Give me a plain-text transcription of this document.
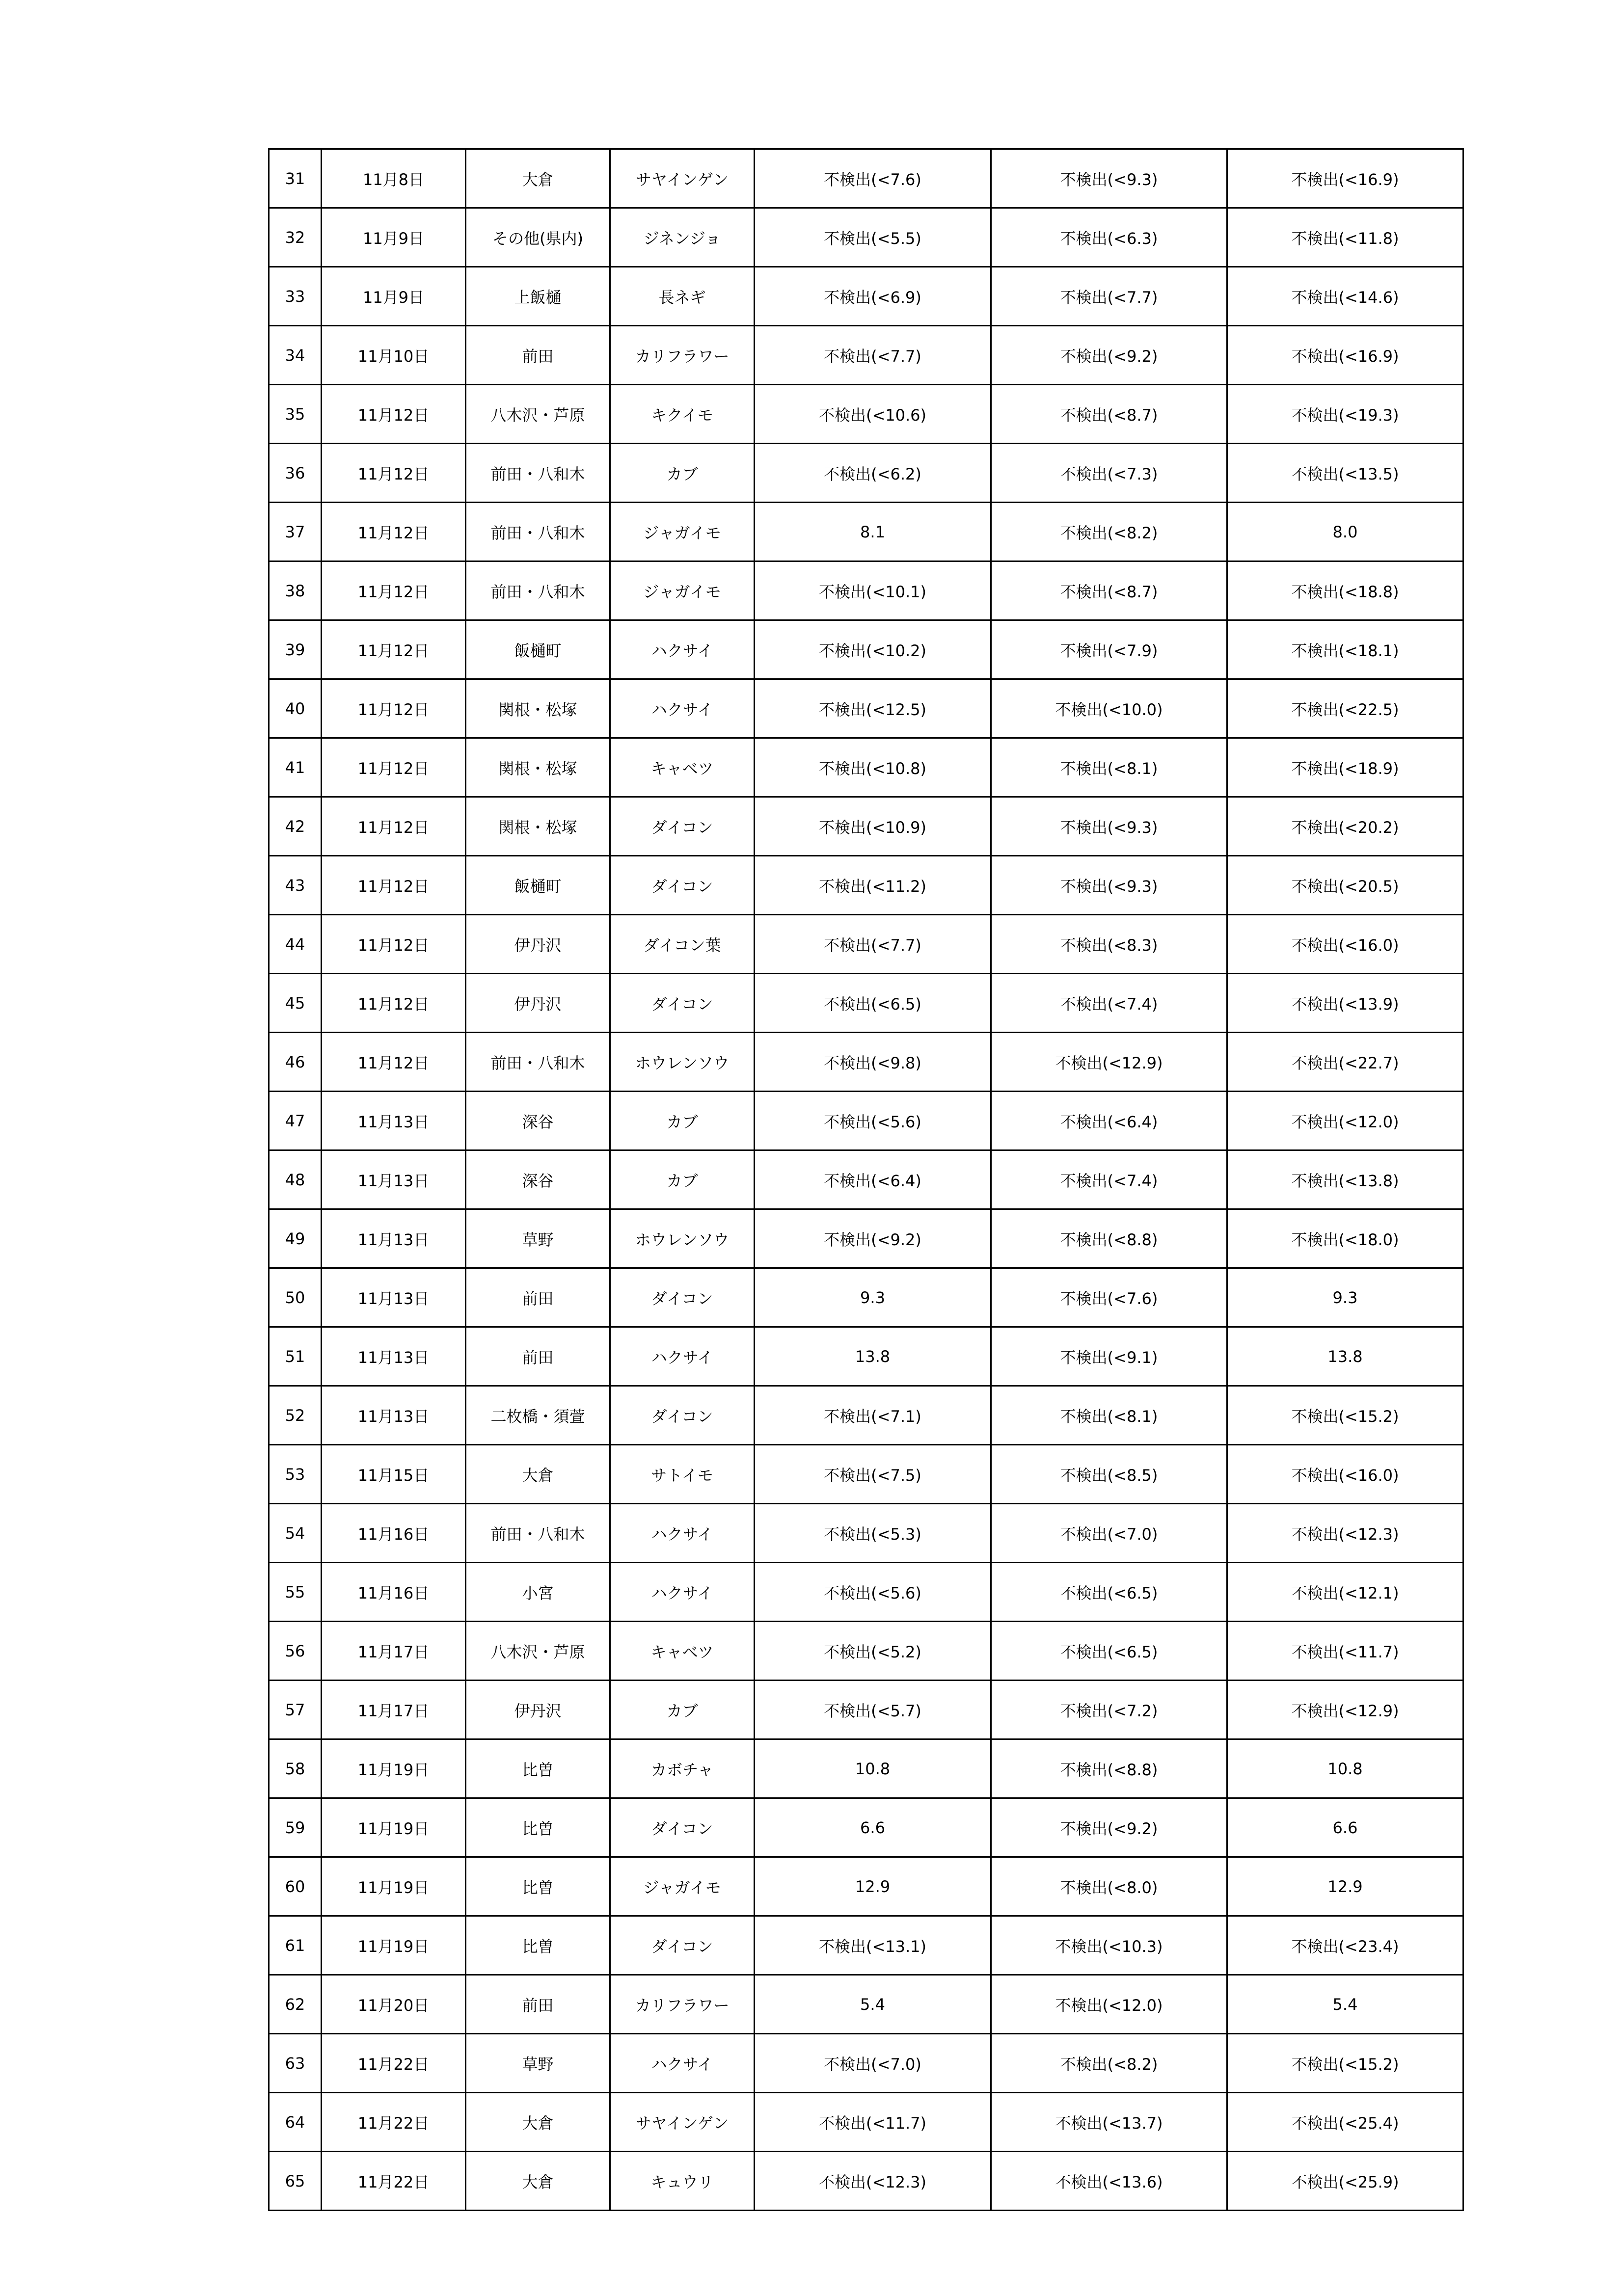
31	11月8日	大倉	サヤインゲン	不検出(<7.6)	不検出(<9.3)	不検出(<16.9)
32	11月9日	その他(県内)	ジネンジョ	不検出(<5.5)	不検出(<6.3)	不検出(<11.8)
33	11月9日	上飯樋	長ネギ	不検出(<6.9)	不検出(<7.7)	不検出(<14.6)
34	11月10日	前田	カリフラワー	不検出(<7.7)	不検出(<9.2)	不検出(<16.9)
35	11月12日	八木沢・芦原	キクイモ	不検出(<10.6)	不検出(<8.7)	不検出(<19.3)
36	11月12日	前田・八和木	カブ	不検出(<6.2)	不検出(<7.3)	不検出(<13.5)
37	11月12日	前田・八和木	ジャガイモ	8.1	不検出(<8.2)	8.0
38	11月12日	前田・八和木	ジャガイモ	不検出(<10.1)	不検出(<8.7)	不検出(<18.8)
39	11月12日	飯樋町	ハクサイ	不検出(<10.2)	不検出(<7.9)	不検出(<18.1)
40	11月12日	関根・松塚	ハクサイ	不検出(<12.5)	不検出(<10.0)	不検出(<22.5)
41	11月12日	関根・松塚	キャベツ	不検出(<10.8)	不検出(<8.1)	不検出(<18.9)
42	11月12日	関根・松塚	ダイコン	不検出(<10.9)	不検出(<9.3)	不検出(<20.2)
43	11月12日	飯樋町	ダイコン	不検出(<11.2)	不検出(<9.3)	不検出(<20.5)
44	11月12日	伊丹沢	ダイコン葉	不検出(<7.7)	不検出(<8.3)	不検出(<16.0)
45	11月12日	伊丹沢	ダイコン	不検出(<6.5)	不検出(<7.4)	不検出(<13.9)
46	11月12日	前田・八和木	ホウレンソウ	不検出(<9.8)	不検出(<12.9)	不検出(<22.7)
47	11月13日	深谷	カブ	不検出(<5.6)	不検出(<6.4)	不検出(<12.0)
48	11月13日	深谷	カブ	不検出(<6.4)	不検出(<7.4)	不検出(<13.8)
49	11月13日	草野	ホウレンソウ	不検出(<9.2)	不検出(<8.8)	不検出(<18.0)
50	11月13日	前田	ダイコン	9.3	不検出(<7.6)	9.3
51	11月13日	前田	ハクサイ	13.8	不検出(<9.1)	13.8
52	11月13日	二枚橋・須萱	ダイコン	不検出(<7.1)	不検出(<8.1)	不検出(<15.2)
53	11月15日	大倉	サトイモ	不検出(<7.5)	不検出(<8.5)	不検出(<16.0)
54	11月16日	前田・八和木	ハクサイ	不検出(<5.3)	不検出(<7.0)	不検出(<12.3)
55	11月16日	小宮	ハクサイ	不検出(<5.6)	不検出(<6.5)	不検出(<12.1)
56	11月17日	八木沢・芦原	キャベツ	不検出(<5.2)	不検出(<6.5)	不検出(<11.7)
57	11月17日	伊丹沢	カブ	不検出(<5.7)	不検出(<7.2)	不検出(<12.9)
58	11月19日	比曽	カボチャ	10.8	不検出(<8.8)	10.8
59	11月19日	比曽	ダイコン	6.6	不検出(<9.2)	6.6
60	11月19日	比曽	ジャガイモ	12.9	不検出(<8.0)	12.9
61	11月19日	比曽	ダイコン	不検出(<13.1)	不検出(<10.3)	不検出(<23.4)
62	11月20日	前田	カリフラワー	5.4	不検出(<12.0)	5.4
63	11月22日	草野	ハクサイ	不検出(<7.0)	不検出(<8.2)	不検出(<15.2)
64	11月22日	大倉	サヤインゲン	不検出(<11.7)	不検出(<13.7)	不検出(<25.4)
65	11月22日	大倉	キュウリ	不検出(<12.3)	不検出(<13.6)	不検出(<25.9)
